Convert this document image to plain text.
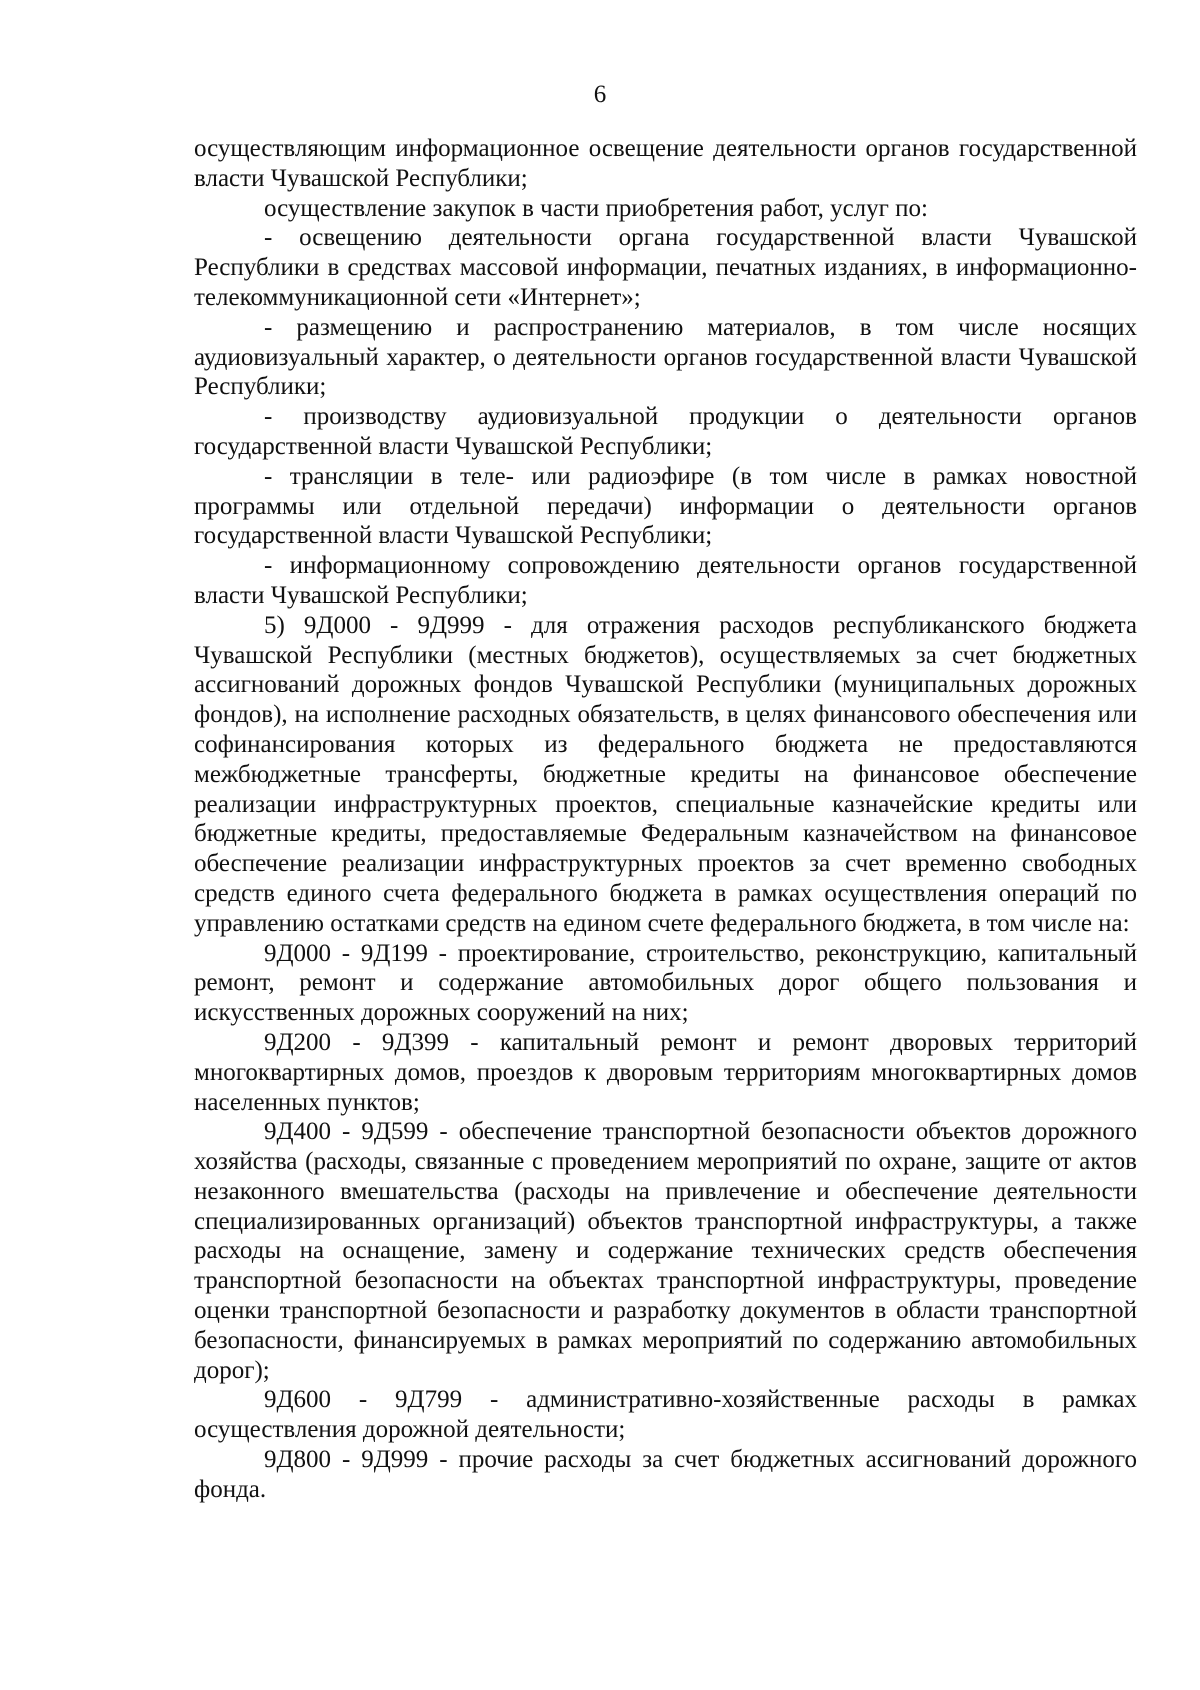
6

осуществляющим информационное освещение деятельности органов государственной власти Чувашской Республики;

осуществление закупок в части приобретения работ, услуг по:

- освещению деятельности органа государственной власти Чувашской Республики в средствах массовой информации, печатных изданиях, в информационно-телекоммуникационной сети «Интернет»;

- размещению и распространению материалов, в том числе носящих аудиовизуальный характер, о деятельности органов государственной власти Чувашской Республики;

- производству аудиовизуальной продукции о деятельности органов государственной власти Чувашской Республики;

- трансляции в теле- или радиоэфире (в том числе в рамках новостной программы или отдельной передачи) информации о деятельности органов государственной власти Чувашской Республики;

- информационному сопровождению деятельности органов государственной власти Чувашской Республики;

5) 9Д000 - 9Д999 - для отражения расходов республиканского бюджета Чувашской Республики (местных бюджетов), осуществляемых за счет бюджетных ассигнований дорожных фондов Чувашской Республики (муниципальных дорожных фондов), на исполнение расходных обязательств, в целях финансового обеспечения или софинансирования которых из федерального бюджета не предоставляются межбюджетные трансферты, бюджетные кредиты на финансовое обеспечение реализации инфраструктурных проектов, специальные казначейские кредиты или бюджетные кредиты, предоставляемые Федеральным казначейством на финансовое обеспечение реализации инфраструктурных проектов за счет временно свободных средств единого счета федерального бюджета в рамках осуществления операций по управлению остатками средств на едином счете федерального бюджета, в том числе на:

9Д000 - 9Д199 - проектирование, строительство, реконструкцию, капитальный ремонт, ремонт и содержание автомобильных дорог общего пользования и искусственных дорожных сооружений на них;

9Д200 - 9Д399 - капитальный ремонт и ремонт дворовых территорий многоквартирных домов, проездов к дворовым территориям многоквартирных домов населенных пунктов;

9Д400 - 9Д599 - обеспечение транспортной безопасности объектов дорожного хозяйства (расходы, связанные с проведением мероприятий по охране, защите от актов незаконного вмешательства (расходы на привлечение и обеспечение деятельности специализированных организаций) объектов транспортной инфраструктуры, а также расходы на оснащение, замену и содержание технических средств обеспечения транспортной безопасности на объектах транспортной инфраструктуры, проведение оценки транспортной безопасности и разработку документов в области транспортной безопасности, финансируемых в рамках мероприятий по содержанию автомобильных дорог);

9Д600 - 9Д799 - административно-хозяйственные расходы в рамках осуществления дорожной деятельности;

9Д800 - 9Д999 - прочие расходы за счет бюджетных ассигнований дорожного фонда.
